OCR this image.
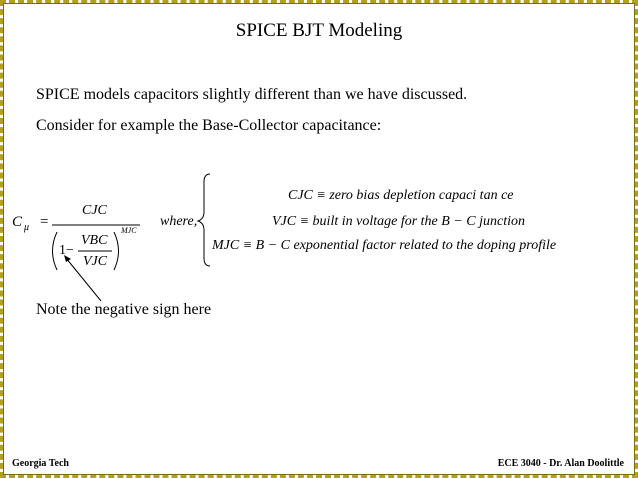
SPICE BJT Modeling
SPICE models capacitors slightly different than we have discussed.
Consider for example the Base-Collector capacitance:
C μ =
CJC
1−
VBC
VJC
MJC
where,
CJC ≡ zero bias depletion capaci tan ce
VJC ≡ built in voltage for the B − C junction
MJC ≡ B − C exponential factor related to the doping profile
Note the negative sign here
Georgia Tech	ECE 3040 - Dr. Alan Doolittle
